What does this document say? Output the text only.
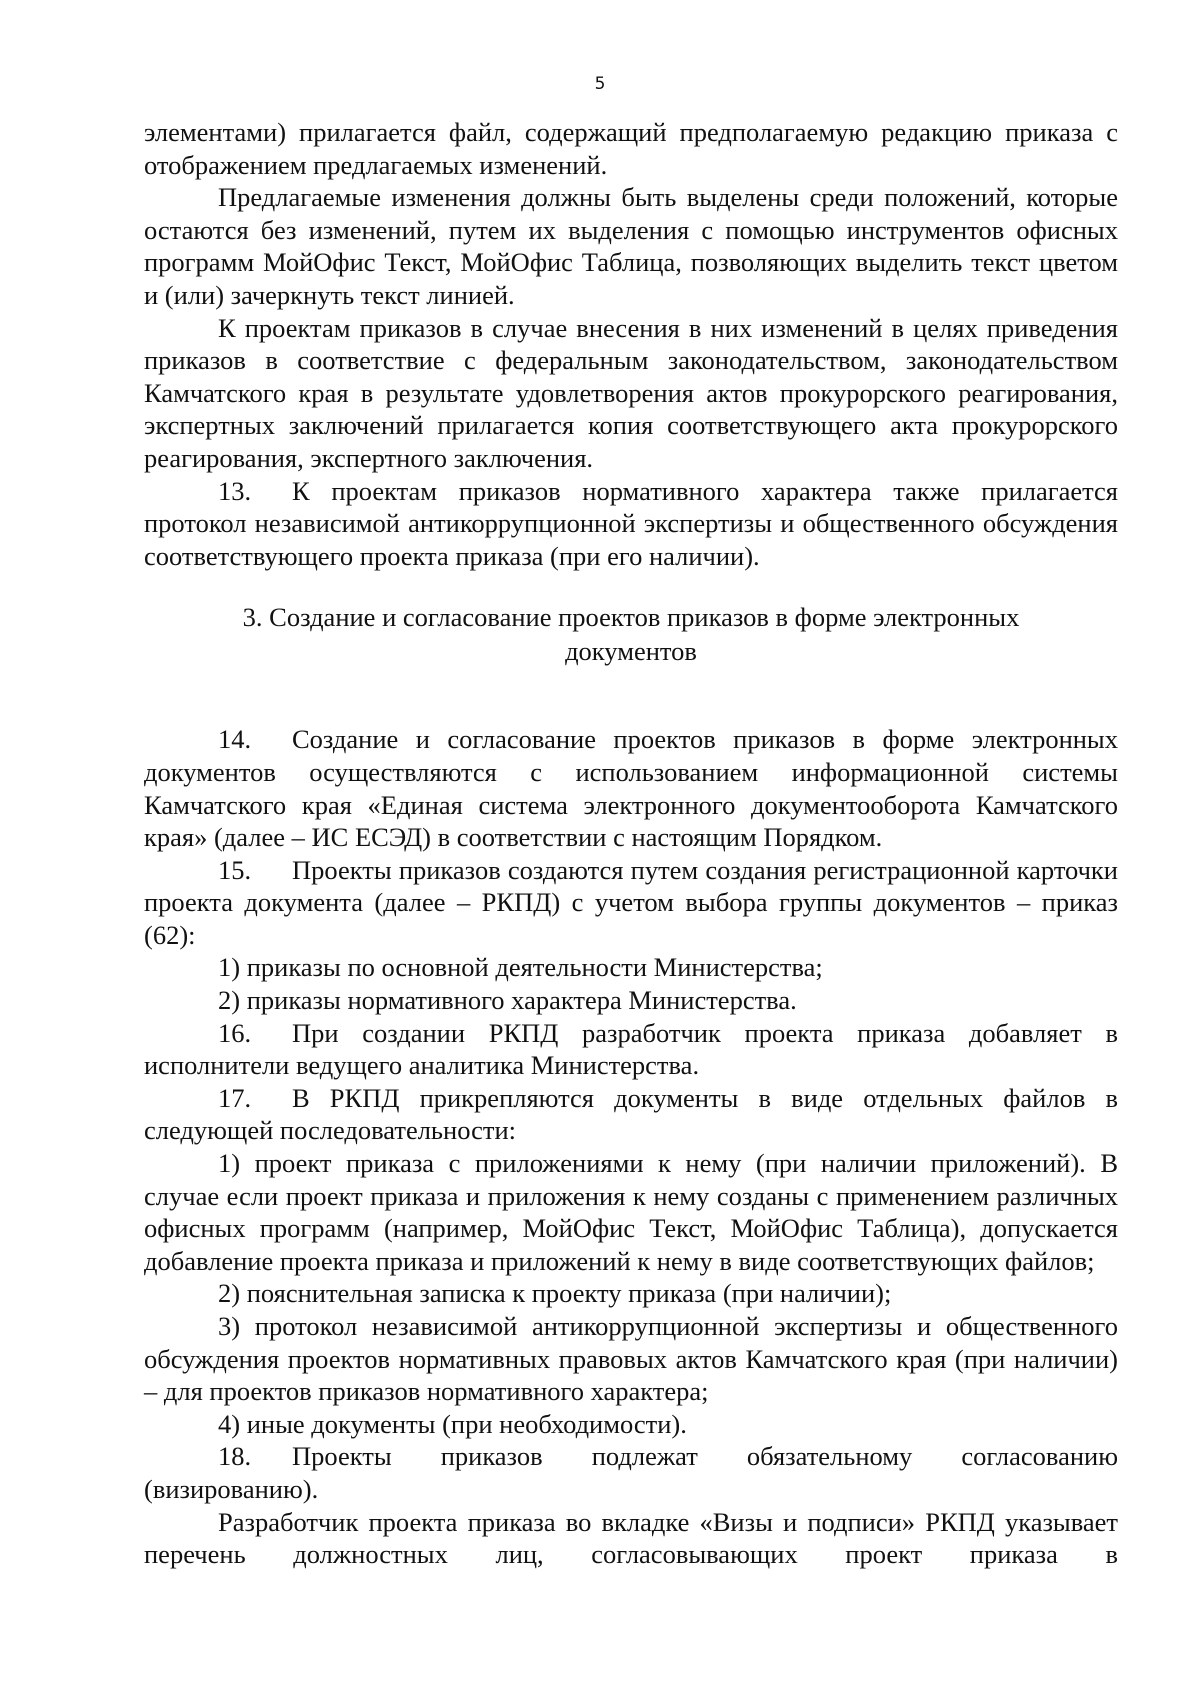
5

элементами) прилагается файл, содержащий предполагаемую редакцию приказа с отображением предлагаемых изменений.

Предлагаемые изменения должны быть выделены среди положений, которые остаются без изменений, путем их выделения с помощью инструментов офисных программ МойОфис Текст, МойОфис Таблица, позволяющих выделить текст цветом и (или) зачеркнуть текст линией.

К проектам приказов в случае внесения в них изменений в целях приведения приказов в соответствие с федеральным законодательством, законодательством Камчатского края в результате удовлетворения актов прокурорского реагирования, экспертных заключений прилагается копия соответствующего акта прокурорского реагирования, экспертного заключения.

13. К проектам приказов нормативного характера также прилагается протокол независимой антикоррупционной экспертизы и общественного обсуждения соответствующего проекта приказа (при его наличии).

3. Создание и согласование проектов приказов в форме электронных
документов

14. Создание и согласование проектов приказов в форме электронных документов осуществляются с использованием информационной системы Камчатского края «Единая система электронного документооборота Камчатского края» (далее – ИС ЕСЭД) в соответствии с настоящим Порядком.

15. Проекты приказов создаются путем создания регистрационной карточки проекта документа (далее – РКПД) с учетом выбора группы документов – приказ (62):

1) приказы по основной деятельности Министерства;

2) приказы нормативного характера Министерства.

16. При создании РКПД разработчик проекта приказа добавляет в исполнители ведущего аналитика Министерства.

17. В РКПД прикрепляются документы в виде отдельных файлов в следующей последовательности:

1) проект приказа с приложениями к нему (при наличии приложений). В случае если проект приказа и приложения к нему созданы с применением различных офисных программ (например, МойОфис Текст, МойОфис Таблица), допускается добавление проекта приказа и приложений к нему в виде соответствующих файлов;

2) пояснительная записка к проекту приказа (при наличии);

3) протокол независимой антикоррупционной экспертизы и общественного обсуждения проектов нормативных правовых актов Камчатского края (при наличии) – для проектов приказов нормативного характера;

4) иные документы (при необходимости).

18. Проекты приказов подлежат обязательному согласованию (визированию).

Разработчик проекта приказа во вкладке «Визы и подписи» РКПД указывает перечень должностных лиц, согласовывающих проект приказа в
